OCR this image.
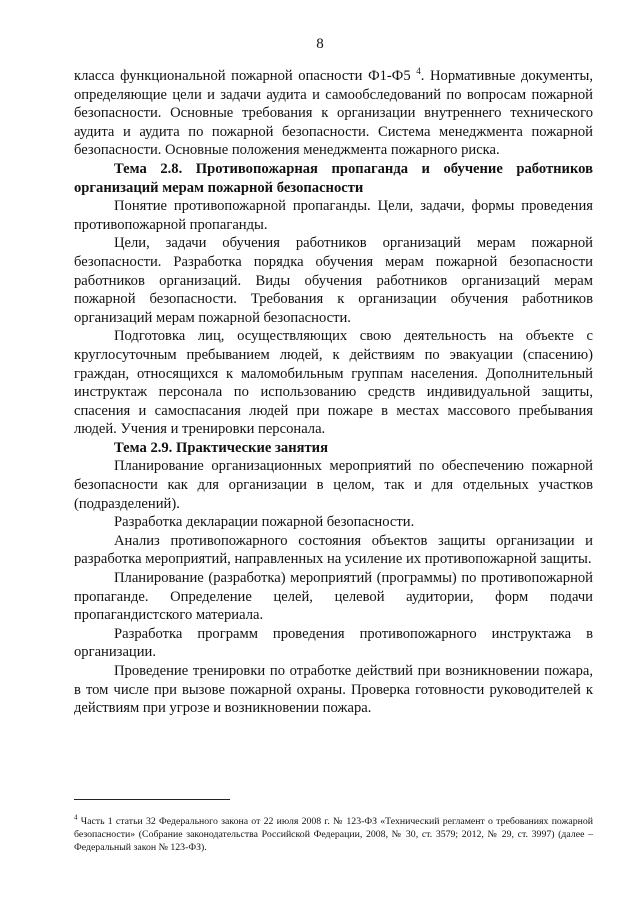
8

класса функциональной пожарной опасности Ф1-Ф5 $^4$. Нормативные документы, определяющие цели и задачи аудита и самообследований по вопросам пожарной безопасности. Основные требования к организации внутреннего технического аудита и аудита по пожарной безопасности. Система менеджмента пожарной безопасности. Основные положения менеджмента пожарного риска.

Тема 2.8. Противопожарная пропаганда и обучение работников организаций мерам пожарной безопасности

Понятие противопожарной пропаганды. Цели, задачи, формы проведения противопожарной пропаганды.

Цели, задачи обучения работников организаций мерам пожарной безопасности. Разработка порядка обучения мерам пожарной безопасности работников организаций. Виды обучения работников организаций мерам пожарной безопасности. Требования к организации обучения работников организаций мерам пожарной безопасности.

Подготовка лиц, осуществляющих свою деятельность на объекте с круглосуточным пребыванием людей, к действиям по эвакуации (спасению) граждан, относящихся к маломобильным группам населения. Дополнительный инструктаж персонала по использованию средств индивидуальной защиты, спасения и самоспасания людей при пожаре в местах массового пребывания людей. Учения и тренировки персонала.

Тема 2.9. Практические занятия

Планирование организационных мероприятий по обеспечению пожарной безопасности как для организации в целом, так и для отдельных участков (подразделений).

Разработка декларации пожарной безопасности.

Анализ противопожарного состояния объектов защиты организации и разработка мероприятий, направленных на усиление их противопожарной защиты.

Планирование (разработка) мероприятий (программы) по противопожарной пропаганде. Определение целей, целевой аудитории, форм подачи пропагандистского материала.

Разработка программ проведения противопожарного инструктажа в организации.

Проведение тренировки по отработке действий при возникновении пожара, в том числе при вызове пожарной охраны. Проверка готовности руководителей к действиям при угрозе и возникновении пожара.

$^4$ Часть 1 статьи 32 Федерального закона от 22 июля 2008 г. № 123-ФЗ «Технический регламент о требованиях пожарной безопасности» (Собрание законодательства Российской Федерации, 2008, № 30, ст. 3579; 2012, № 29, ст. 3997) (далее – Федеральный закон № 123-ФЗ).
